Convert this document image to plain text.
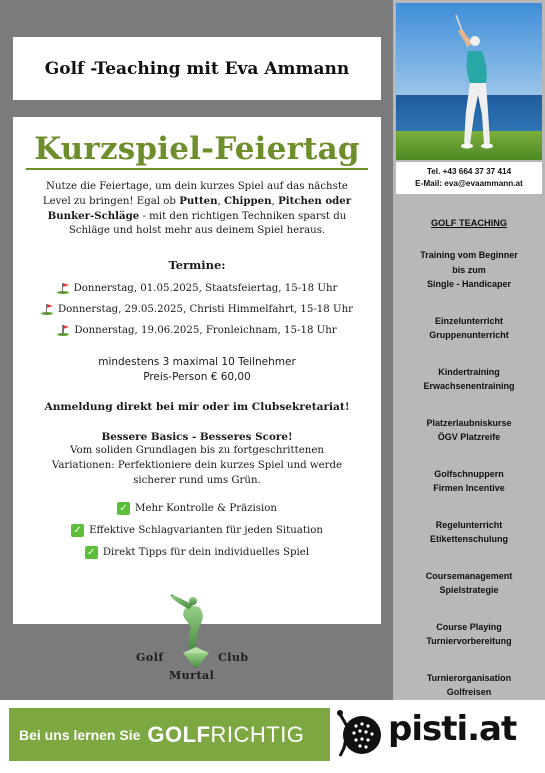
Golf -Teaching mit Eva Ammann
Kurzspiel-Feiertag
Nutze die Feiertage, um dein kurzes Spiel auf das nächste
Level zu bringen! Egal ob Putten, Chippen, Pitchen oder
Bunker-Schläge - mit den richtigen Techniken sparst du
Schläge und holst mehr aus deinem Spiel heraus.
Termine:
Donnerstag, 01.05.2025, Staatsfeiertag, 15-18 Uhr
Donnerstag, 29.05.2025, Christi Himmelfahrt, 15-18 Uhr
Donnerstag, 19.06.2025, Fronleichnam, 15-18 Uhr
mindestens 3 maximal 10 Teilnehmer
Preis-Person € 60,00
Anmeldung direkt bei mir oder im Clubsekretariat!
Bessere Basics - Besseres Score!
Vom soliden Grundlagen bis zu fortgeschrittenen
Variationen: Perfektioniere dein kurzes Spiel und werde
sicherer rund ums Grün.
✓ Mehr Kontrolle & Präzision
✓ Effektive Schlagvarianten für jeden Situation
✓ Direkt Tipps für dein individuelles Spiel
Golf	Club
Murtal
Tel. +43 664 37 37 414
E-Mail: eva@evaammann.at
GOLF TEACHING
Training vom Beginner
bis zum
Single - Handicaper
Einzelunterricht
Gruppenunterricht
Kindertraining
Erwachsenentraining
Platzerlaubniskurse
ÖGV Platzreife
Golfschnuppern
Firmen Incentive
Regelunterricht
Etikettenschulung
Coursemanagement
Spielstrategie
Course Playing
Turniervorbereitung
Turnierorganisation
Golfreisen
Bei uns lernen Sie GOLF RICHTIG pisti.at
